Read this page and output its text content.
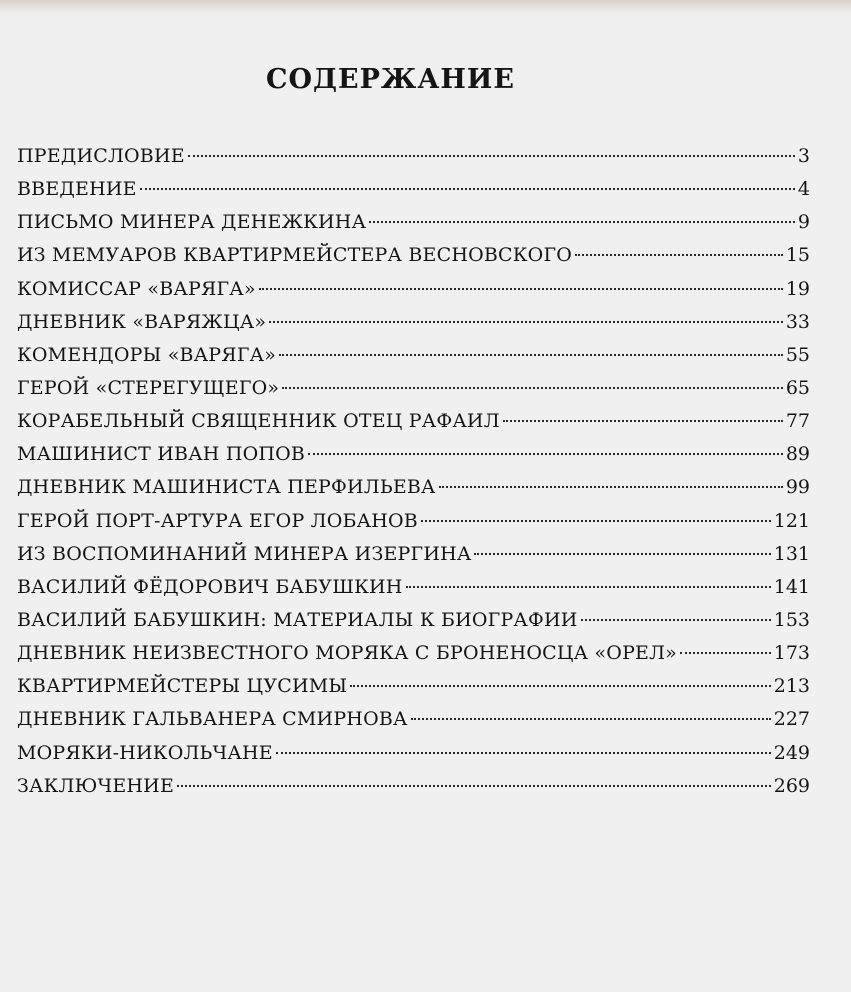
СОДЕРЖАНИЕ
ПРЕДИСЛОВИЕ	3
ВВЕДЕНИЕ	4
ПИСЬМО МИНЕРА ДЕНЕЖКИНА	9
ИЗ МЕМУАРОВ КВАРТИРМЕЙСТЕРА ВЕСНОВСКОГО	15
КОМИССАР «ВАРЯГА»	19
ДНЕВНИК «ВАРЯЖЦА»	33
КОМЕНДОРЫ «ВАРЯГА»	55
ГЕРОЙ «СТЕРЕГУЩЕГО»	65
КОРАБЕЛЬНЫЙ СВЯЩЕННИК ОТЕЦ РАФАИЛ	77
МАШИНИСТ ИВАН ПОПОВ	89
ДНЕВНИК МАШИНИСТА ПЕРФИЛЬЕВА	99
ГЕРОЙ ПОРТ-АРТУРА ЕГОР ЛОБАНОВ	121
ИЗ ВОСПОМИНАНИЙ МИНЕРА ИЗЕРГИНА	131
ВАСИЛИЙ ФЁДОРОВИЧ БАБУШКИН	141
ВАСИЛИЙ БАБУШКИН: МАТЕРИАЛЫ К БИОГРАФИИ	153
ДНЕВНИК НЕИЗВЕСТНОГО МОРЯКА С БРОНЕНОСЦА «ОРЕЛ»	173
КВАРТИРМЕЙСТЕРЫ ЦУСИМЫ	213
ДНЕВНИК ГАЛЬВАНЕРА СМИРНОВА	227
МОРЯКИ-НИКОЛЬЧАНЕ	249
ЗАКЛЮЧЕНИЕ	269
